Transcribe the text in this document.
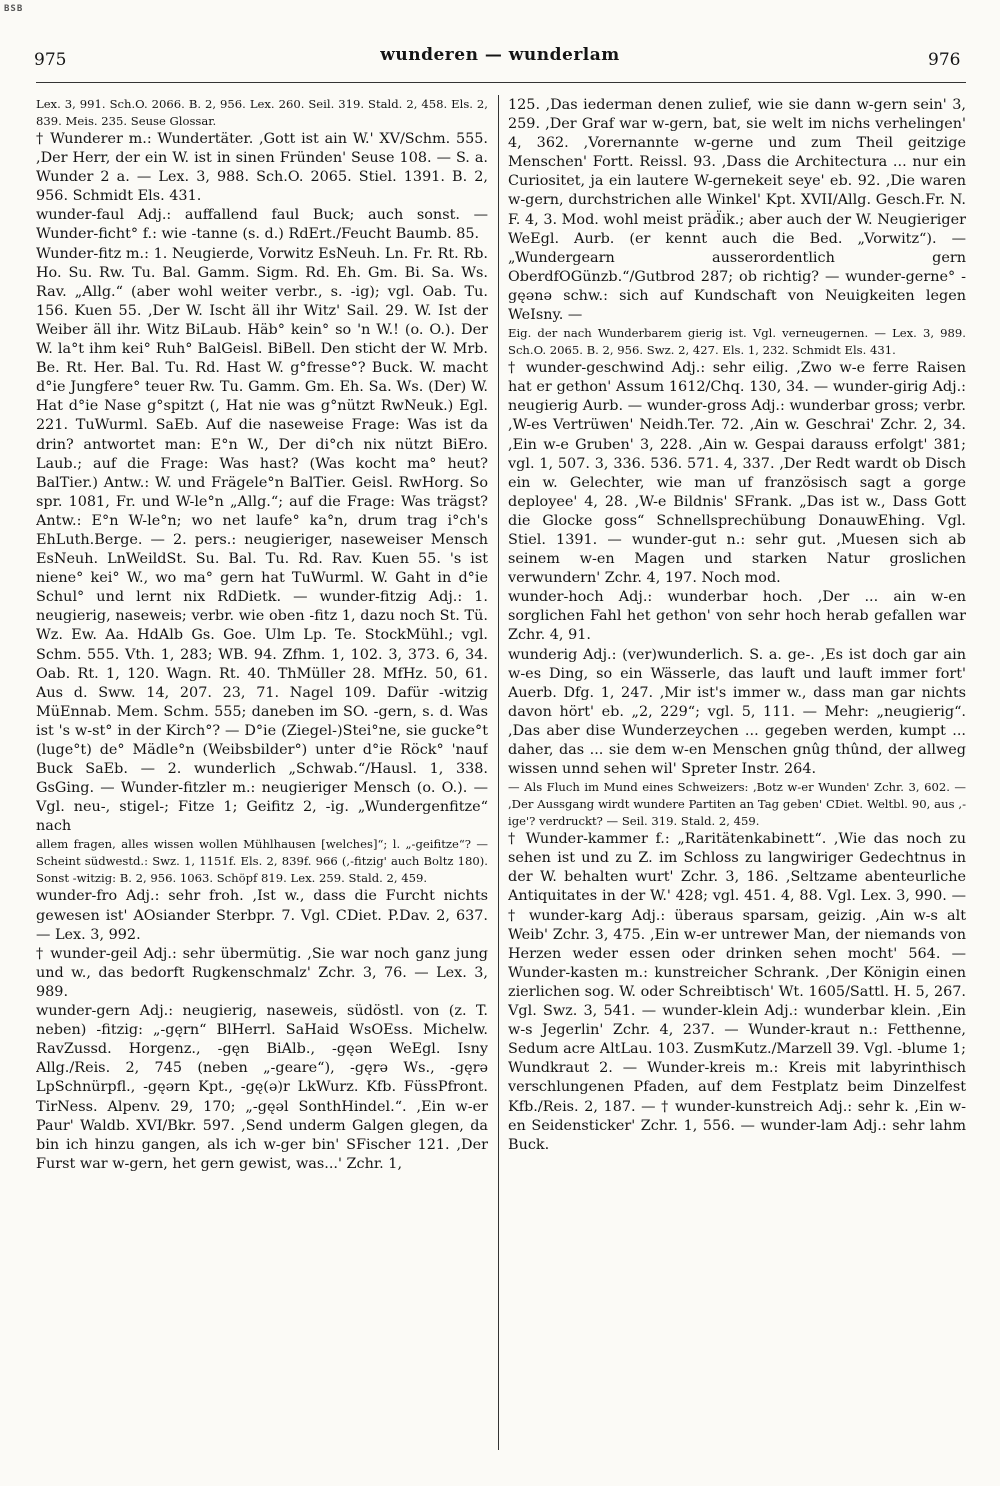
BSB
975	wunderen — wunderlam	976

Lex. 3, 991. Sch.O. 2066. B. 2, 956. Lex. 260. Seil. 319. Stald. 2, 458. Els. 2, 839. Meis. 235. Seuse Glossar.

† Wunderer m.: Wundertäter. ,Gott ist ain W.' XV/Schm. 555. ,Der Herr, der ein W. ist in sinen Fründen' Seuse 108. — S. a. Wunder 2 a. — Lex. 3, 988. Sch.O. 2065. Stiel. 1391. B. 2, 956. Schmidt Els. 431.

wunder-faul Adj.: auffallend faul Buck; auch sonst. — Wunder-ficht° f.: wie -tanne (s. d.) RdErt./Feucht Baumb. 85.

Wunder-fitz m.: 1. Neugierde, Vorwitz EsNeuh. Ln. Fr. Rt. Rb. Ho. Su. Rw. Tu. Bal. Gamm. Sigm. Rd. Eh. Gm. Bi. Sa. Ws. Rav. „Allg.“ (aber wohl weiter verbr., s. -ig); vgl. Oab. Tu. 156. Kuen 55. ,Der W. Ischt äll ihr Witz' Sail. 29. W. Ist der Weiber äll ihr. Witz BiLaub. Häb° kein° so 'n W.! (o. O.). Der W. la°t ihm kei° Ruh° BalGeisl. BiBell. Den sticht der W. Mrb. Be. Rt. Her. Bal. Tu. Rd. Hast W. g°fresse°? Buck. W. macht d°ie Jungfere° teuer Rw. Tu. Gamm. Gm. Eh. Sa. Ws. (Der) W. Hat d°ie Nase g°spitzt (, Hat nie was g°nützt RwNeuk.) Egl. 221. TuWurml. SaEb. Auf die naseweise Frage: Was ist da drin? antwortet man: E°n W., Der di°ch nix nützt BiEro. Laub.; auf die Frage: Was hast? (Was kocht ma° heut? BalTier.) Antw.: W. und Frägele°n BalTier. Geisl. RwHorg. So spr. 1081, Fr. und W-le°n „Allg.“; auf die Frage: Was trägst? Antw.: E°n W-le°n; wo net laufe° ka°n, drum trag i°ch's EhLuth.Berge. — 2. pers.: neugieriger, naseweiser Mensch EsNeuh. LnWeildSt. Su. Bal. Tu. Rd. Rav. Kuen 55. 's ist niene° kei° W., wo ma° gern hat TuWurml. W. Gaht in d°ie Schul° und lernt nix RdDietk. — wunder-fitzig Adj.: 1. neugierig, naseweis; verbr. wie oben -fitz 1, dazu noch St. Tü. Wz. Ew. Aa. HdAlb Gs. Goe. Ulm Lp. Te. StockMühl.; vgl. Schm. 555. Vth. 1, 283; WB. 94. Zfhm. 1, 102. 3, 373. 6, 34. Oab. Rt. 1, 120. Wagn. Rt. 40. ThMüller 28. MfHz. 50, 61. Aus d. Sww. 14, 207. 23, 71. Nagel 109. Dafür -witzig MüEnnab. Mem. Schm. 555; daneben im SO. -gern, s. d. Was ist 's w-st° in der Kirch°? — D°ie (Ziegel-)Stei°ne, sie gucke°t (luge°t) de° Mädle°n (Weibsbilder°) unter d°ie Röck° 'nauf Buck SaEb. — 2. wunderlich „Schwab.“/Hausl. 1, 338. GsGing. — Wunder-fitzler m.: neugieriger Mensch (o. O.). — Vgl. neu-, stigel-; Fitze 1; Geifitz 2, -ig. „Wundergenfitze“ nach

allem fragen, alles wissen wollen Mühlhausen [welches]“; l. „-geifitze“? — Scheint südwestd.: Swz. 1, 1151f. Els. 2, 839f. 966 (,-fitzig' auch Boltz 180). Sonst -witzig: B. 2, 956. 1063. Schöpf 819. Lex. 259. Stald. 2, 459.

wunder-fro Adj.: sehr froh. ,Ist w., dass die Furcht nichts gewesen ist' AOsiander Sterbpr. 7. Vgl. CDiet. P.Dav. 2, 637. — Lex. 3, 992.

† wunder-geil Adj.: sehr übermütig. ,Sie war noch ganz jung und w., das bedorft Rugkenschmalz' Zchr. 3, 76. — Lex. 3, 989.

wunder-gern Adj.: neugierig, naseweis, südöstl. von (z. T. neben) -fitzig: „-gęrn“ BlHerrl. SaHaid WsOEss. Michelw. RavZussd. Horgenz., -gęn BiAlb., -gęən WeEgl. Isny Allg./Reis. 2, 745 (neben „-geare“), -gęrə Ws., -gęrə LpSchnürpfl., -gęərn Kpt., -gę(ə)r LkWurz. Kfb. FüssPfront. TirNess. Alpenv. 29, 170; „-gęəl SonthHindel.“. ,Ein w-er Paur' Waldb. XVI/Bkr. 597. ,Send underm Galgen glegen, da bin ich hinzu gangen, als ich w-ger bin' SFischer 121. ,Der Furst war w-gern, het gern gewist, was...' Zchr. 1,

125. ,Das iederman denen zulief, wie sie dann w-gern sein' 3, 259. ,Der Graf war w-gern, bat, sie welt im nichs verhelingen' 4, 362. ,Vorernannte w-gerne und zum Theil geitzige Menschen' Fortt. Reissl. 93. ,Dass die Architectura ... nur ein Curiositet, ja ein lautere W-gernekeit seye' eb. 92. ,Die waren w-gern, durchstrichen alle Winkel' Kpt. XVII/Allg. Gesch.Fr. N. F. 4, 3. Mod. wohl meist präd̈ik.; aber auch der W. Neugieriger WeEgl. Aurb. (er kennt auch die Bed. „Vorwitz“). — „Wundergearn ausserordentlich gern OberdfOGünzb.“/Gutbrod 287; ob richtig? — wunder-gerne° -gęənə schw.: sich auf Kundschaft von Neuigkeiten legen WeIsny. —

Eig. der nach Wunderbarem gierig ist. Vgl. verneugernen. — Lex. 3, 989. Sch.O. 2065. B. 2, 956. Swz. 2, 427. Els. 1, 232. Schmidt Els. 431.

† wunder-geschwind Adj.: sehr eilig. ,Zwo w-e ferre Raisen hat er gethon' Assum 1612/Chq. 130, 34. — wunder-girig Adj.: neugierig Aurb. — wunder-gross Adj.: wunderbar gross; verbr. ,W-es Vertrüwen' Neidh.Ter. 72. ,Ain w. Geschrai' Zchr. 2, 34. ,Ein w-e Gruben' 3, 228. ,Ain w. Gespai darauss erfolgt' 381; vgl. 1, 507. 3, 336. 536. 571. 4, 337. ,Der Redt wardt ob Disch ein w. Gelechter, wie man uf französisch sagt a gorge deployee' 4, 28. ,W-e Bildnis' SFrank. „Das ist w., Dass Gott die Glocke goss“ Schnellsprechübung DonauwEhing. Vgl. Stiel. 1391. — wunder-gut n.: sehr gut. ,Muesen sich ab seinem w-en Magen und starken Natur groslichen verwundern' Zchr. 4, 197. Noch mod.

wunder-hoch Adj.: wunderbar hoch. ,Der ... ain w-en sorglichen Fahl het gethon' von sehr hoch herab gefallen war Zchr. 4, 91.

wunderig Adj.: (ver)wunderlich. S. a. ge-. ,Es ist doch gar ain w-es Ding, so ein Wässerle, das lauft und lauft immer fort' Auerb. Dfg. 1, 247. ,Mir ist's immer w., dass man gar nichts davon hört' eb. „2, 229“; vgl. 5, 111. — Mehr: „neugierig“. ,Das aber dise Wunderzeychen ... gegeben werden, kumpt ... daher, das ... sie dem w-en Menschen gnûg thûnd, der allweg wissen unnd sehen wil' Spreter Instr. 264.

— Als Fluch im Mund eines Schweizers: ,Botz w-er Wunden' Zchr. 3, 602. — ,Der Aussgang wirdt wundere Partiten an Tag geben' CDiet. Weltbl. 90, aus ,-ige'? verdruckt? — Seil. 319. Stald. 2, 459.

† Wunder-kammer f.: „Raritätenkabinett“. ,Wie das noch zu sehen ist und zu Z. im Schloss zu langwiriger Gedechtnus in der W. behalten wurt' Zchr. 3, 186. ,Seltzame abenteurliche Antiquitates in der W.' 428; vgl. 451. 4, 88. Vgl. Lex. 3, 990. — † wunder-karg Adj.: überaus sparsam, geizig. ,Ain w-s alt Weib' Zchr. 3, 475. ,Ein w-er untrewer Man, der niemands von Herzen weder essen oder drinken sehen mocht' 564. — Wunder-kasten m.: kunstreicher Schrank. ,Der Königin einen zierlichen sog. W. oder Schreibtisch' Wt. 1605/Sattl. H. 5, 267. Vgl. Swz. 3, 541. — wunder-klein Adj.: wunderbar klein. ,Ein w-s Jegerlin' Zchr. 4, 237. — Wunder-kraut n.: Fetthenne, Sedum acre AltLau. 103. ZusmKutz./Marzell 39. Vgl. -blume 1; Wundkraut 2. — Wunder-kreis m.: Kreis mit labyrinthisch verschlungenen Pfaden, auf dem Festplatz beim Dinzelfest Kfb./Reis. 2, 187. — † wunder-kunstreich Adj.: sehr k. ,Ein w-en Seidensticker' Zchr. 1, 556. — wunder-lam Adj.: sehr lahm Buck.
